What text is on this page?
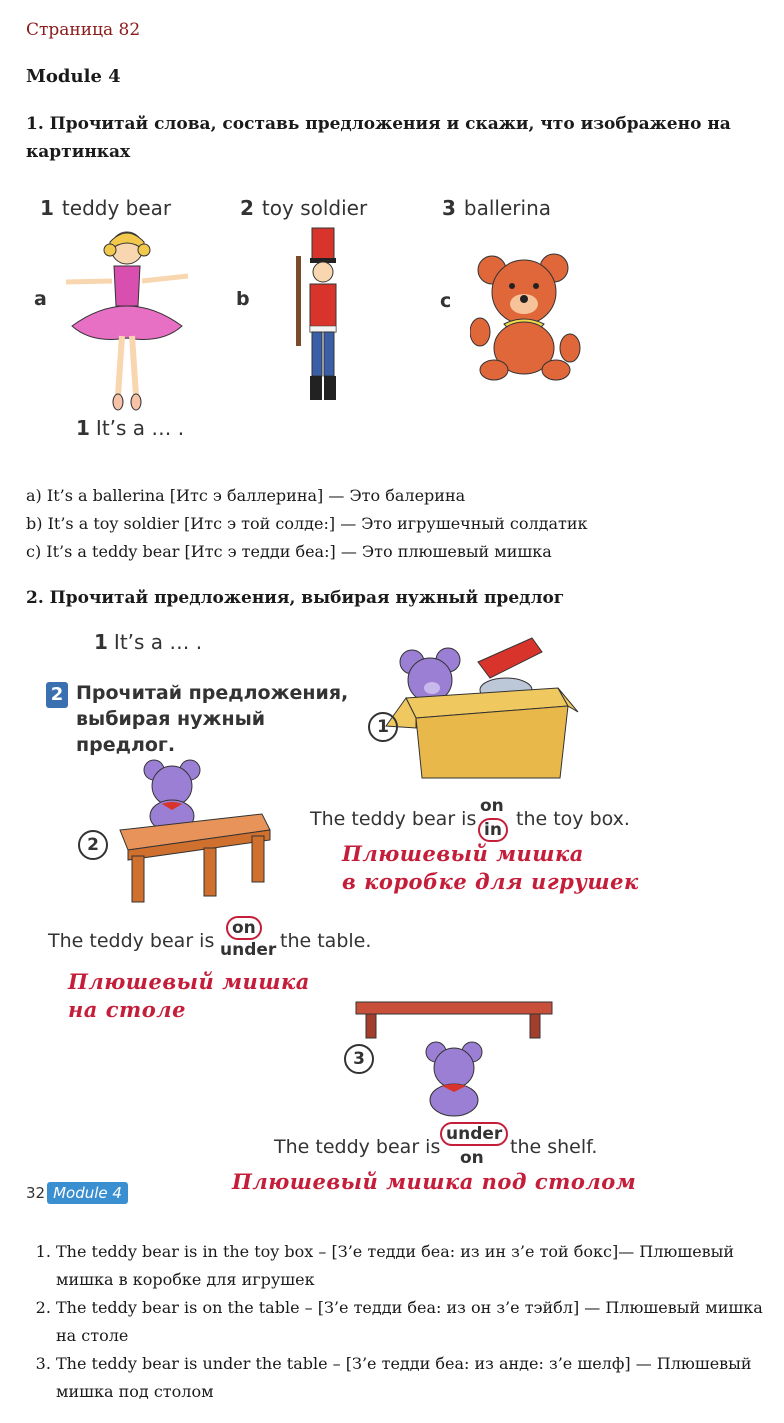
Страница 82
Module 4
1. Прочитай слова, составь предложения и скажи, что изображено на картинках
1 teddy bear	2 toy soldier	3 ballerina
a	b	c
1 It’s a … .
a) It’s a ballerina [Итс э баллерина] — Это балерина
b) It’s a toy soldier [Итс э той солде:] — Это игрушечный солдатик
c) It’s a teddy bear [Итс э тедди беа:] — Это плюшевый мишка
2. Прочитай предложения, выбирая нужный предлог
1 It’s a … .
2 Прочитай предложения,
выбирая нужный
предлог.
1
The teddy bear is
on
in the toy box.
Плюшевый мишка
в коробке для игрушек
2
The teddy bear is
on
under the table.
Плюшевый мишка
на столе
3
The teddy bear is
under
on the shelf.
Плюшевый мишка под столом
32 Module 4
1. The teddy bear is in the toy box – [З’е тедди беа: из ин з’е той бокс]— Плюшевый мишка в коробке для игрушек
2. The teddy bear is on the table – [З’е тедди беа: из он з’е тэйбл] — Плюшевый мишка на столе
3. The teddy bear is under the table – [З’е тедди беа: из анде: з’е шелф] — Плюшевый мишка под столом
